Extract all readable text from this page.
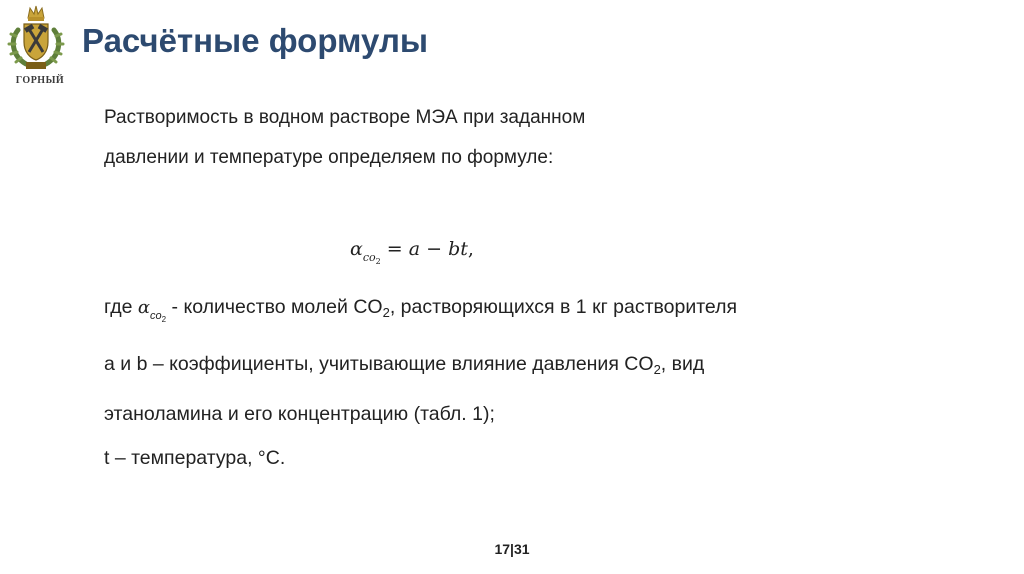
ГОРНЫЙ
Расчётные формулы

Растворимость в водном растворе МЭА при заданном

давлении и температуре определяем по формуле:

$\alpha_{co_2} = a$ − bt,

где $\alpha_{co_2}$ - количество молей $CO_2$, растворяющихся в 1 кг растворителя

a и b – коэффициенты, учитывающие влияние давления $CO_2$, вид

этаноламина и его концентрацию (табл. 1);

t – температура, °С.

17|31
